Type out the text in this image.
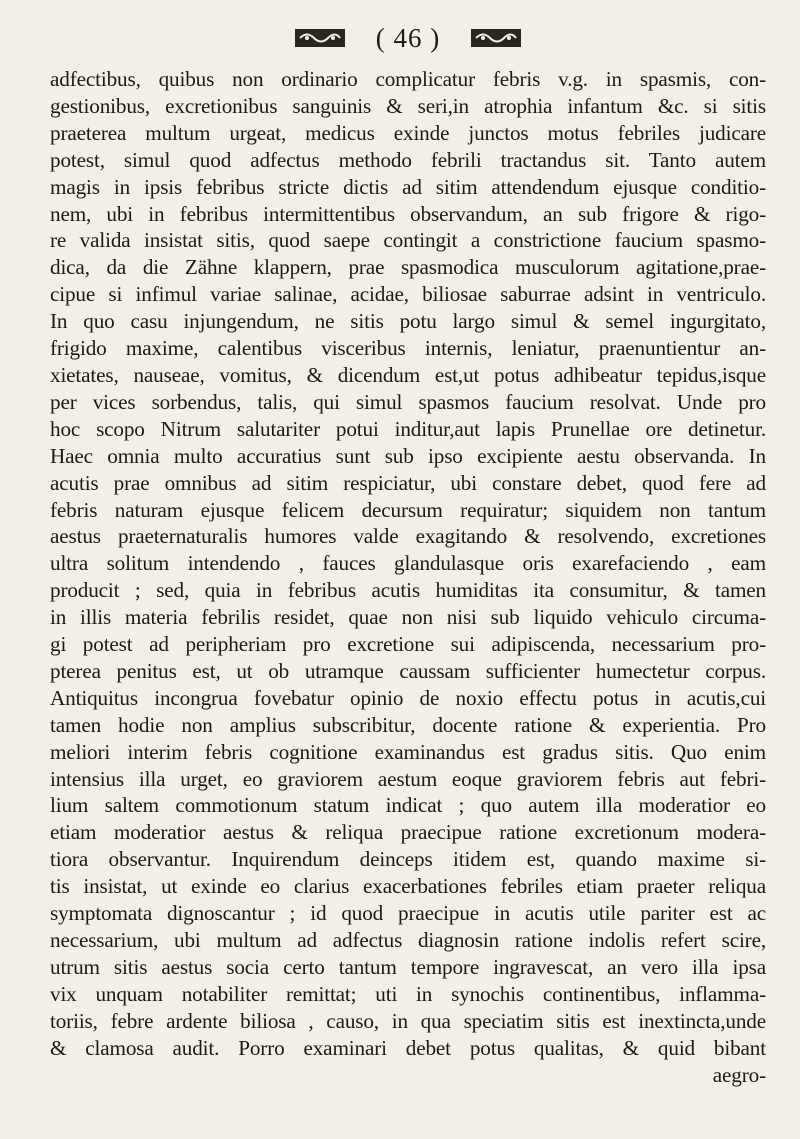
( 46 )

adfectibus, quibus non ordinario complicatur febris v.g. in spasmis, con-

gestionibus, excretionibus sanguinis & seri,in atrophia infantum &c. si sitis

praeterea multum urgeat, medicus exinde junctos motus febriles judicare

potest, simul quod adfectus methodo febrili tractandus sit. Tanto autem

magis in ipsis febribus stricte dictis ad sitim attendendum ejusque conditio-

nem, ubi in febribus intermittentibus observandum, an sub frigore & rigo-

re valida insistat sitis, quod saepe contingit a constrictione faucium spasmo-

dica, da die Zähne klappern, prae spasmodica musculorum agitatione,prae-

cipue si infimul variae salinae, acidae, biliosae saburrae adsint in ventriculo.

In quo casu injungendum, ne sitis potu largo simul & semel ingurgitato,

frigido maxime, calentibus visceribus internis, leniatur, praenuntientur an-

xietates, nauseae, vomitus, & dicendum est,ut potus adhibeatur tepidus,isque

per vices sorbendus, talis, qui simul spasmos faucium resolvat. Unde pro

hoc scopo Nitrum salutariter potui inditur,aut lapis Prunellae ore detinetur.

Haec omnia multo accuratius sunt sub ipso excipiente aestu observanda. In

acutis prae omnibus ad sitim respiciatur, ubi constare debet, quod fere ad

febris naturam ejusque felicem decursum requiratur; siquidem non tantum

aestus praeternaturalis humores valde exagitando & resolvendo, excretiones

ultra solitum intendendo , fauces glandulasque oris exarefaciendo , eam

producit ; sed, quia in febribus acutis humiditas ita consumitur, & tamen

in illis materia febrilis residet, quae non nisi sub liquido vehiculo circuma-

gi potest ad peripheriam pro excretione sui adipiscenda, necessarium pro-

pterea penitus est, ut ob utramque caussam sufficienter humectetur corpus.

Antiquitus incongrua fovebatur opinio de noxio effectu potus in acutis,cui

tamen hodie non amplius subscribitur, docente ratione & experientia. Pro

meliori interim febris cognitione examinandus est gradus sitis. Quo enim

intensius illa urget, eo graviorem aestum eoque graviorem febris aut febri-

lium saltem commotionum statum indicat ; quo autem illa moderatior eo

etiam moderatior aestus & reliqua praecipue ratione excretionum modera-

tiora observantur. Inquirendum deinceps itidem est, quando maxime si-

tis insistat, ut exinde eo clarius exacerbationes febriles etiam praeter reliqua

symptomata dignoscantur ; id quod praecipue in acutis utile pariter est ac

necessarium, ubi multum ad adfectus diagnosin ratione indolis refert scire,

utrum sitis aestus socia certo tantum tempore ingravescat, an vero illa ipsa

vix unquam notabiliter remittat; uti in synochis continentibus, inflamma-

toriis, febre ardente biliosa , causo, in qua speciatim sitis est inextincta,unde

& clamosa audit. Porro examinari debet potus qualitas, & quid bibant

aegro-
